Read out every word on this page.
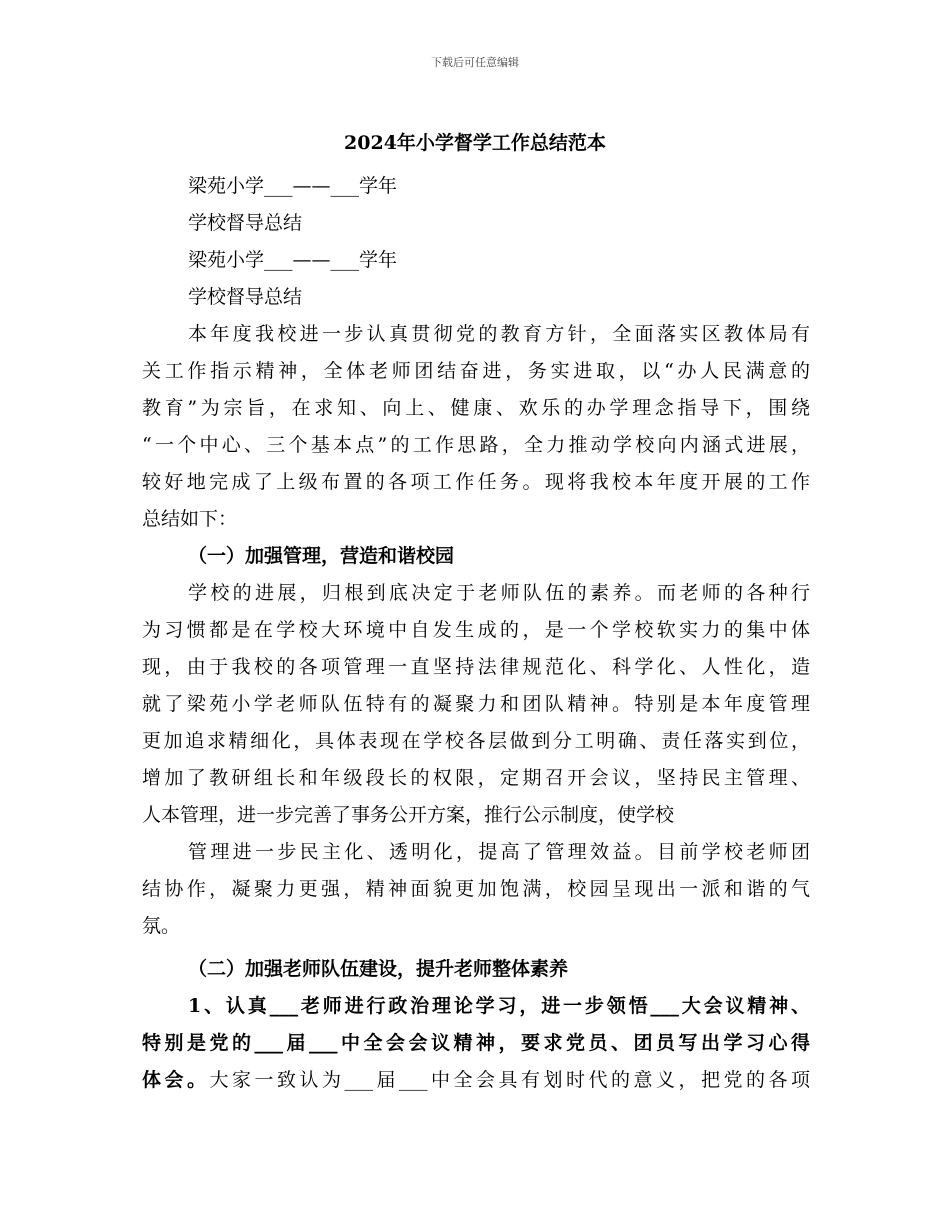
下载后可任意编辑
2024年小学督学工作总结范本
梁苑小学___——___学年
学校督导总结
梁苑小学___——___学年
学校督导总结
本年度我校进一步认真贯彻党的教育方针，全面落实区教体局有
关工作指示精神，全体老师团结奋进，务实进取，以“办人民满意的
教育”为宗旨，在求知、向上、健康、欢乐的办学理念指导下，围绕
“一个中心、三个基本点”的工作思路，全力推动学校向内涵式进展，
较好地完成了上级布置的各项工作任务。现将我校本年度开展的工作
总结如下：
（一）加强管理，营造和谐校园
学校的进展，归根到底决定于老师队伍的素养。而老师的各种行
为习惯都是在学校大环境中自发生成的，是一个学校软实力的集中体
现，由于我校的各项管理一直坚持法律规范化、科学化、人性化，造
就了梁苑小学老师队伍特有的凝聚力和团队精神。特别是本年度管理
更加追求精细化，具体表现在学校各层做到分工明确、责任落实到位，
增加了教研组长和年级段长的权限，定期召开会议，坚持民主管理、
人本管理，进一步完善了事务公开方案，推行公示制度，使学校
管理进一步民主化、透明化，提高了管理效益。目前学校老师团
结协作，凝聚力更强，精神面貌更加饱满，校园呈现出一派和谐的气
氛。
（二）加强老师队伍建设，提升老师整体素养
1、认真___老师进行政治理论学习，进一步领悟___大会议精神、
特别是党的___届___中全会会议精神，要求党员、团员写出学习心得
体会。大家一致认为___届___中全会具有划时代的意义，把党的各项
